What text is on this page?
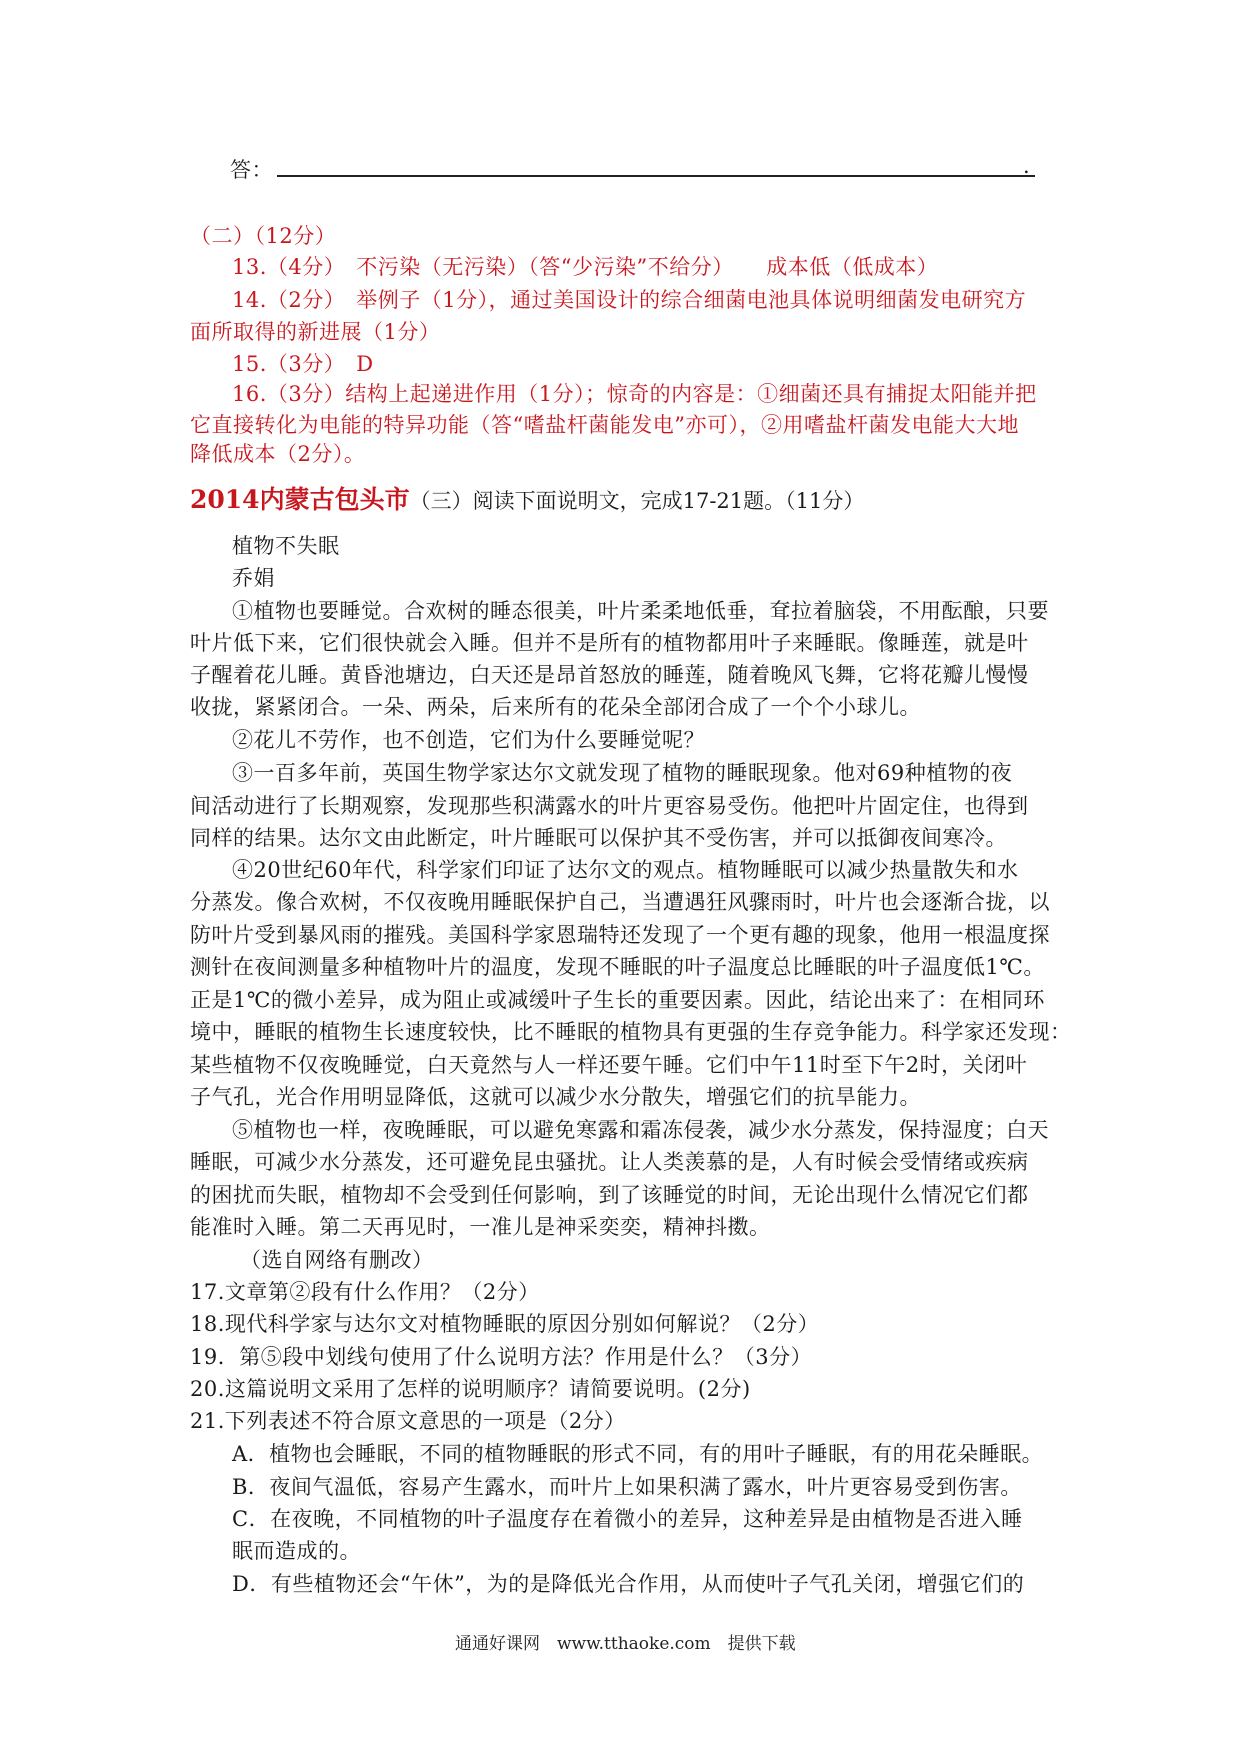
答：	.
（二）（12分）
13.（4分）　不污染（无污染）（答“少污染”不给分）　　成本低（低成本）
14.（2分）　举例子（1分），通过美国设计的综合细菌电池具体说明细菌发电研究方
面所取得的新进展（1分）
15.（3分）　D
16.（3分）结构上起递进作用（1分）；惊奇的内容是：①细菌还具有捕捉太阳能并把
它直接转化为电能的特异功能（答“嗜盐杆菌能发电”亦可），②用嗜盐杆菌发电能大大地
降低成本（2分）。
2014内蒙古包头市（三）阅读下面说明文，完成17-21题。（11分）
植物不失眠
乔娟
①植物也要睡觉。合欢树的睡态很美，叶片柔柔地低垂，耷拉着脑袋，不用酝酿，只要
叶片低下来，它们很快就会入睡。但并不是所有的植物都用叶子来睡眠。像睡莲，就是叶
子醒着花儿睡。黄昏池塘边，白天还是昂首怒放的睡莲，随着晚风飞舞，它将花瓣儿慢慢
收拢，紧紧闭合。一朵、两朵，后来所有的花朵全部闭合成了一个个小球儿。
②花儿不劳作，也不创造，它们为什么要睡觉呢？
③一百多年前，英国生物学家达尔文就发现了植物的睡眠现象。他对69种植物的夜
间活动进行了长期观察，发现那些积满露水的叶片更容易受伤。他把叶片固定住，也得到
同样的结果。达尔文由此断定，叶片睡眠可以保护其不受伤害，并可以抵御夜间寒冷。
④20世纪60年代，科学家们印证了达尔文的观点。植物睡眠可以减少热量散失和水
分蒸发。像合欢树，不仅夜晚用睡眠保护自己，当遭遇狂风骤雨时，叶片也会逐渐合拢，以
防叶片受到暴风雨的摧残。美国科学家恩瑞特还发现了一个更有趣的现象，他用一根温度探
测针在夜间测量多种植物叶片的温度，发现不睡眠的叶子温度总比睡眠的叶子温度低1℃。
正是1℃的微小差异，成为阻止或减缓叶子生长的重要因素。因此，结论出来了：在相同环
境中，睡眠的植物生长速度较快，比不睡眠的植物具有更强的生存竞争能力。科学家还发现：
某些植物不仅夜晚睡觉，白天竟然与人一样还要午睡。它们中午11时至下午2时，关闭叶
子气孔，光合作用明显降低，这就可以减少水分散失，增强它们的抗旱能力。
⑤植物也一样，夜晚睡眠，可以避免寒露和霜冻侵袭，减少水分蒸发，保持湿度；白天
睡眠，可减少水分蒸发，还可避免昆虫骚扰。让人类羡慕的是，人有时候会受情绪或疾病
的困扰而失眠，植物却不会受到任何影响，到了该睡觉的时间，无论出现什么情况它们都
能准时入睡。第二天再见时，一准儿是神采奕奕，精神抖擞。
（选自网络有删改）
17.文章第②段有什么作用？（2分）
18.现代科学家与达尔文对植物睡眠的原因分别如何解说？（2分）
19．第⑤段中划线句使用了什么说明方法？作用是什么？（3分）
20.这篇说明文采用了怎样的说明顺序？请简要说明。(2分)
21.下列表述不符合原文意思的一项是（2分）
A．植物也会睡眠，不同的植物睡眠的形式不同，有的用叶子睡眠，有的用花朵睡眠。
B．夜间气温低，容易产生露水，而叶片上如果积满了露水，叶片更容易受到伤害。
C．在夜晚，不同植物的叶子温度存在着微小的差异，这种差异是由植物是否进入睡
眠而造成的。
D．有些植物还会“午休”，为的是降低光合作用，从而使叶子气孔关闭，增强它们的
通通好课网　www.tthaoke.com　提供下载
